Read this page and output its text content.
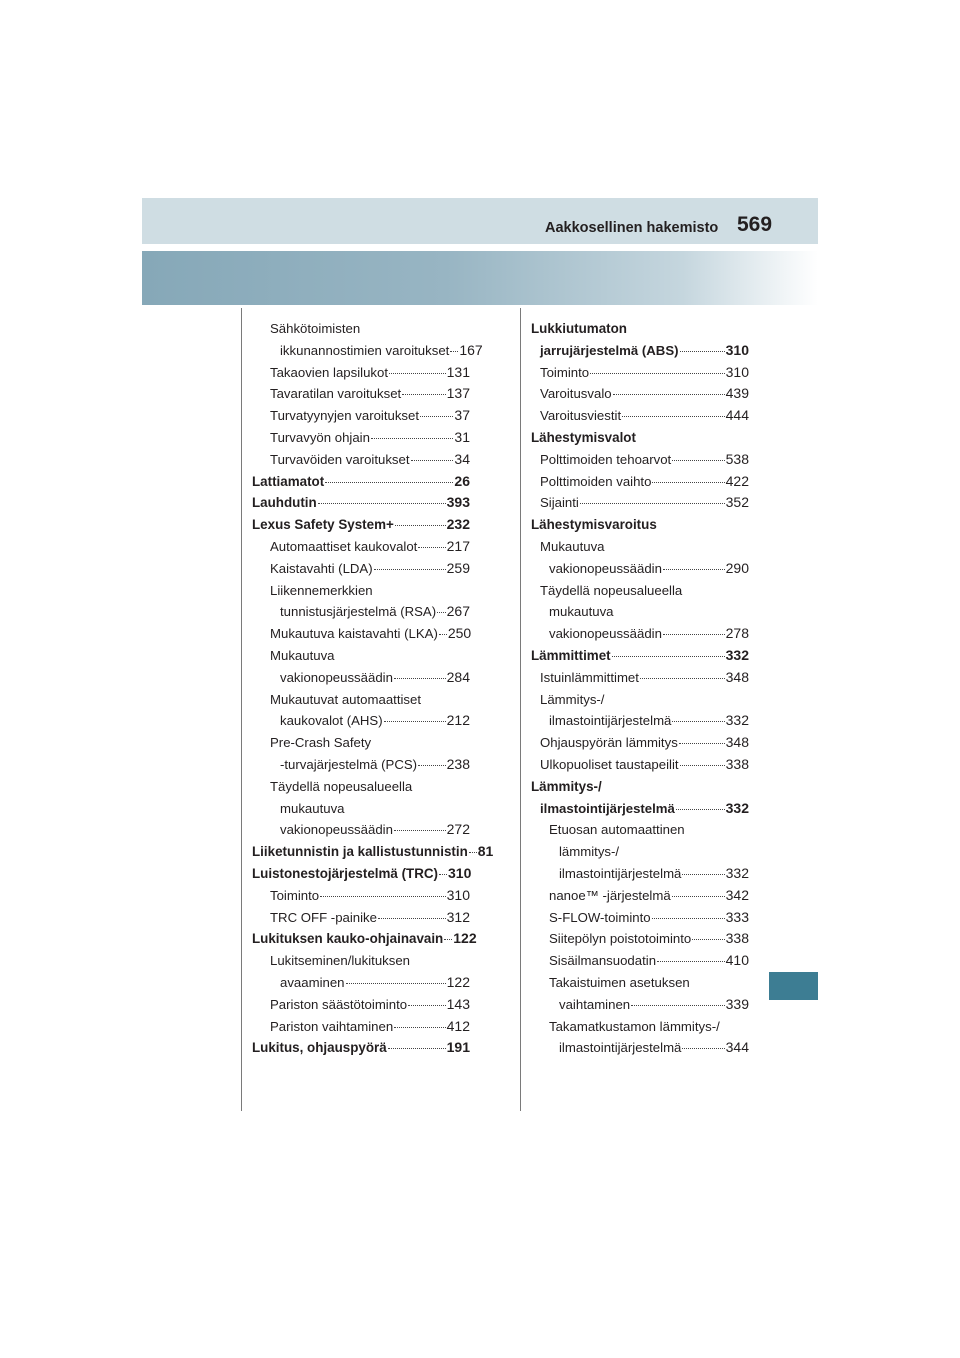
Aakkosellinen hakemisto 569
Sähkötoimisten
ikkunannostimien varoitukset 167
Takaovien lapsilukot	131
Tavaratilan varoitukset	137
Turvatyynyjen varoitukset	37
Turvavyön ohjain	31
Turvavöiden varoitukset	34
Lattiamatot	26
Lauhdutin	393
Lexus Safety System+	232
Automaattiset kaukovalot 217
Kaistavahti (LDA)	259
Liikennemerkkien
tunnistusjärjestelmä (RSA) 267
Mukautuva kaistavahti (LKA) 250
Mukautuva
vakionopeussäädin	284
Mukautuvat automaattiset
kaukovalot (AHS)	212
Pre-Crash Safety
-turvajärjestelmä (PCS) 238
Täydellä nopeusalueella
mukautuva
vakionopeussäädin	272
Liiketunnistin ja kallistustunnistin 81
Luistonestojärjestelmä (TRC) 310
Toiminto	310
TRC OFF -painike	312
Lukituksen kauko-ohjainavain 122
Lukitseminen/lukituksen
avaaminen	122
Pariston säästötoiminto	143
Pariston vaihtaminen	412
Lukitus, ohjauspyörä	191
Lukkiutumaton
jarrujärjestelmä (ABS)	310
Toiminto	310
Varoitusvalo	439
Varoitusviestit	444
Lähestymisvalot
Polttimoiden tehoarvot	538
Polttimoiden vaihto	422
Sijainti	352
Lähestymisvaroitus
Mukautuva
vakionopeussäädin	290
Täydellä nopeusalueella
mukautuva
vakionopeussäädin	278
Lämmittimet	332
Istuinlämmittimet	348
Lämmitys-/
ilmastointijärjestelmä	332
Ohjauspyörän lämmitys	348
Ulkopuoliset taustapeilit	338
Lämmitys-/
ilmastointijärjestelmä	332
Etuosan automaattinen
lämmitys-/
ilmastointijärjestelmä	332
nanoe™ -järjestelmä	342
S-FLOW-toiminto	333
Siitepölyn poistotoiminto 338
Sisäilmansuodatin	410
Takaistuimen asetuksen
vaihtaminen	339
Takamatkustamon lämmitys-/
ilmastointijärjestelmä	344
